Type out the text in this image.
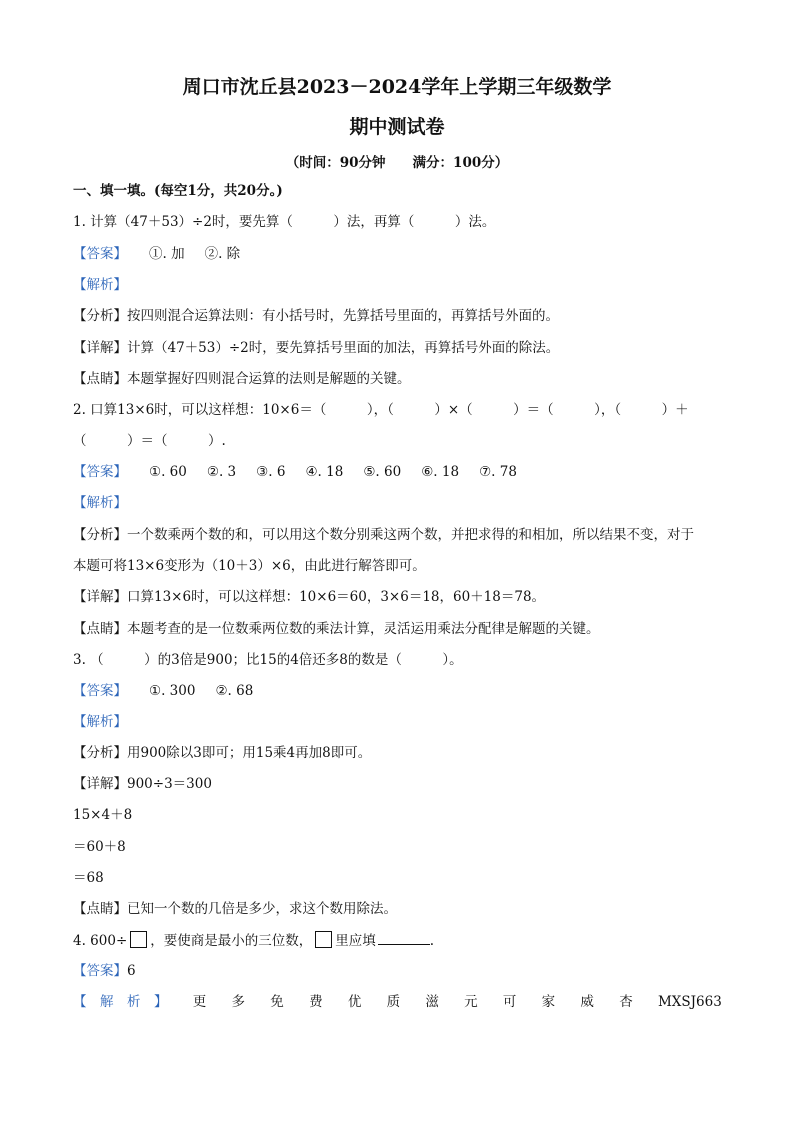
周口市沈丘县2023－2024学年上学期三年级数学
期中测试卷
（时间：90分钟　　满分：100分）
一、填一填。(每空1分，共20分。)
1. 计算（47＋53）÷2时，要先算（　　　）法，再算（　　　）法。
【答案】 ①. 加 ②. 除
【解析】
【分析】按四则混合运算法则：有小括号时，先算括号里面的，再算括号外面的。
【详解】计算（47＋53）÷2时，要先算括号里面的加法，再算括号外面的除法。
【点睛】本题掌握好四则混合运算的法则是解题的关键。
2. 口算13×6时，可以这样想：10×6＝（　　　），（　　　）×（　　　）＝（　　　），（　　　）＋
（　　　）＝（　　　）.
【答案】 ①. 60 ②. 3 ③. 6 ④. 18 ⑤. 60 ⑥. 18 ⑦. 78
【解析】
【分析】一个数乘两个数的和，可以用这个数分别乘这两个数，并把求得的和相加，所以结果不变，对于
本题可将13×6变形为（10＋3）×6，由此进行解答即可。
【详解】口算13×6时，可以这样想：10×6＝60，3×6＝18，60＋18＝78。
【点睛】本题考查的是一位数乘两位数的乘法计算，灵活运用乘法分配律是解题的关键。
3. （　　　）的3倍是900；比15的4倍还多8的数是（　　　）。
【答案】 ①. 300 ②. 68
【解析】
【分析】用900除以3即可；用15乘4再加8即可。
【详解】900÷3＝300
15×4＋8
＝60＋8
＝68
【点睛】已知一个数的几倍是多少，求这个数用除法。
4. 600÷ ，要使商是最小的三位数， 里应填	.
【答案】6
【　解　析　】 更 多 免 费 优 质 滋 元 可 家 威 杏 MXSJ663
